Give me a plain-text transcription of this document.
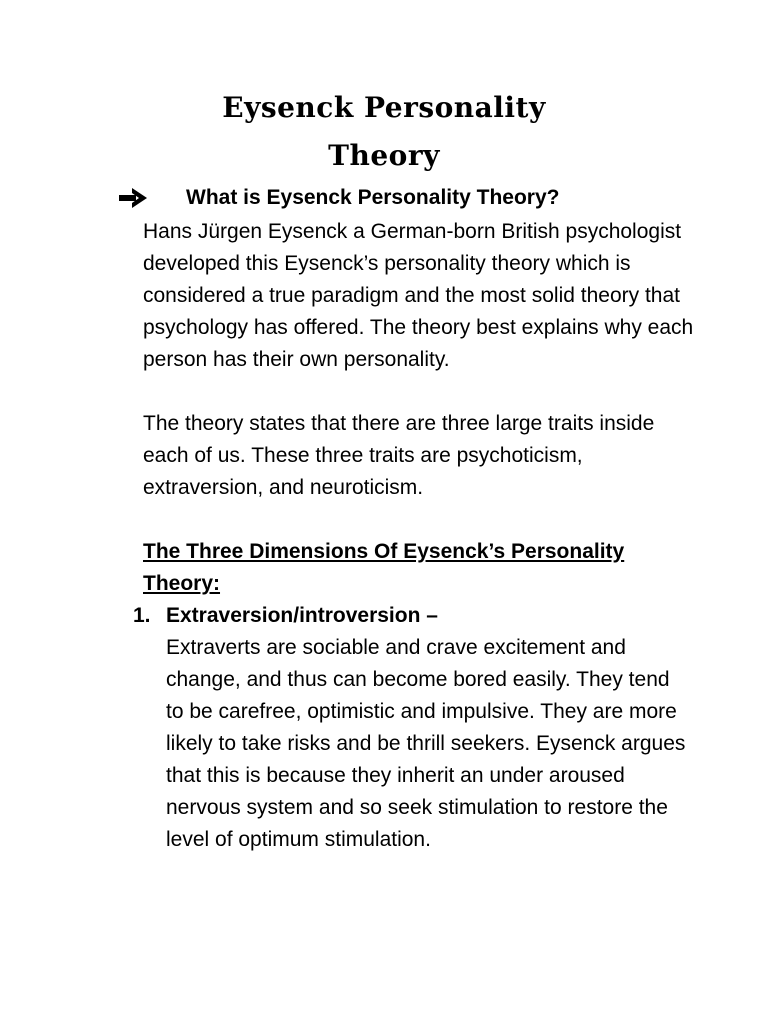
Eysenck Personality
Theory
What is Eysenck Personality Theory?

Hans Jürgen Eysenck a German-born British psychologist developed this Eysenck’s personality theory which is considered a true paradigm and the most solid theory that psychology has offered. The theory best explains why each person has their own personality.

The theory states that there are three large traits inside each of us. These three traits are psychoticism, extraversion, and neuroticism.

The Three Dimensions Of Eysenck’s Personality Theory:

1. Extraversion/introversion –

Extraverts are sociable and crave excitement and change, and thus can become bored easily. They tend to be carefree, optimistic and impulsive. They are more likely to take risks and be thrill seekers. Eysenck argues that this is because they inherit an under aroused nervous system and so seek stimulation to restore the level of optimum stimulation.
